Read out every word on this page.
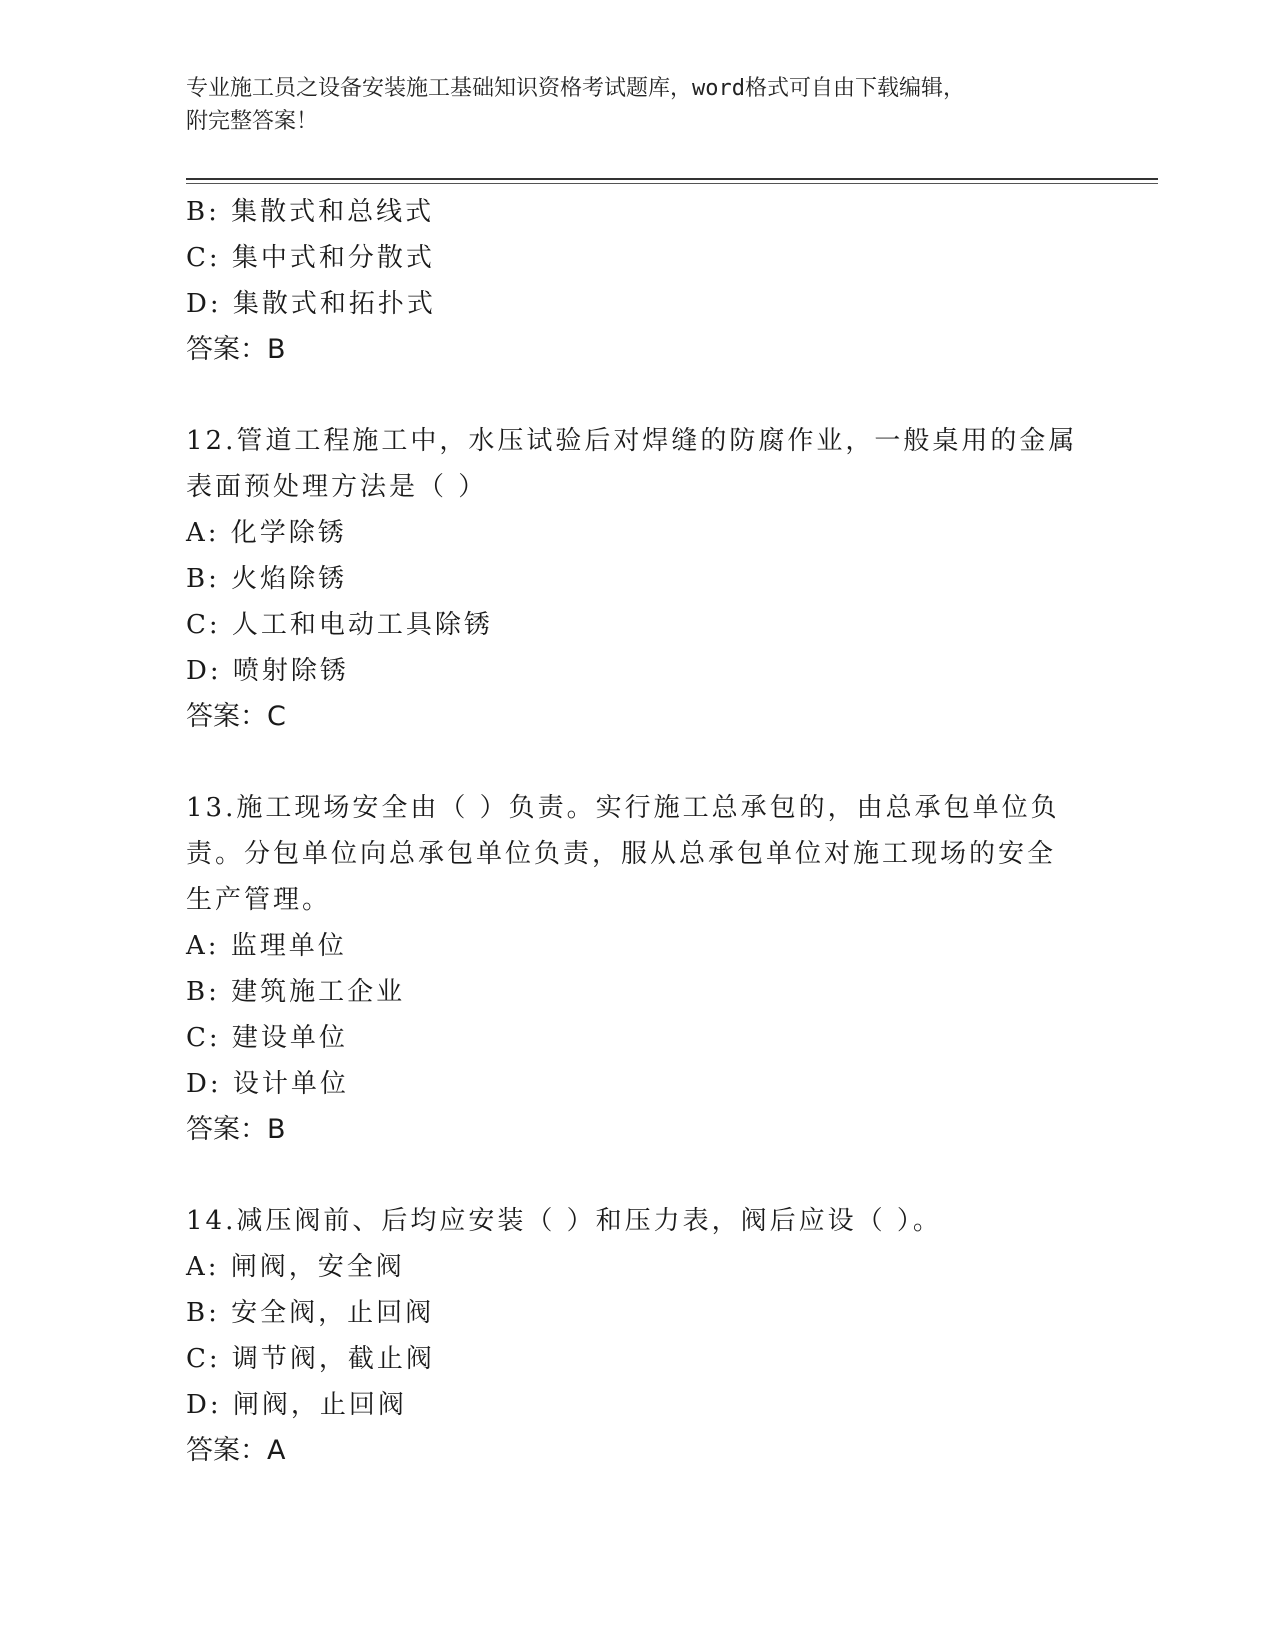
专业施工员之设备安装施工基础知识资格考试题库，word格式可自由下载编辑，
附完整答案！
B: 集散式和总线式
C: 集中式和分散式
D: 集散式和拓扑式
答案：B
12.管道工程施工中，水压试验后对焊缝的防腐作业，一般桌用的金属
表面预处理方法是（ ）
A: 化学除锈
B: 火焰除锈
C: 人工和电动工具除锈
D: 喷射除锈
答案：C
13.施工现场安全由（ ）负责。实行施工总承包的，由总承包单位负
责。分包单位向总承包单位负责，服从总承包单位对施工现场的安全
生产管理。
A: 监理单位
B: 建筑施工企业
C: 建设单位
D: 设计单位
答案：B
14.减压阀前、后均应安装（ ）和压力表，阀后应设（ ）。
A: 闸阀，安全阀
B: 安全阀，止回阀
C: 调节阀，截止阀
D: 闸阀，止回阀
答案：A
